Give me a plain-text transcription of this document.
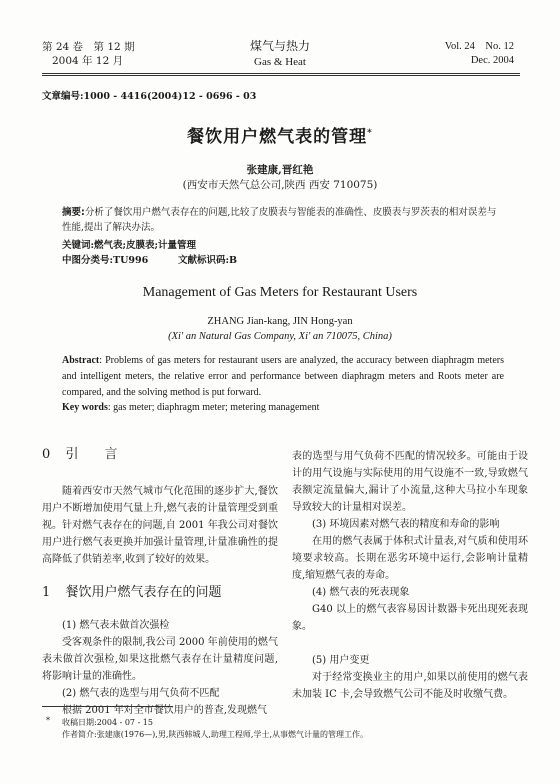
第 24 卷　第 12 期
2004 年 12 月
煤气与热力
Gas & Heat
Vol. 24　No. 12
Dec. 2004
文章编号:1000 - 4416(2004)12 - 0696 - 03
餐饮用户燃气表的管理*
张建康,晋红艳
(西安市天然气总公司,陕西 西安 710075)
摘要:分析了餐饮用户燃气表存在的问题,比较了皮膜表与智能表的准确性、皮膜表与罗茨表的相对误差与性能,提出了解决办法。
关键词:燃气表;皮膜表;计量管理
中图分类号:TU996	文献标识码:B
Management of Gas Meters for Restaurant Users
ZHANG Jian-kang, JIN Hong-yan
(Xi' an Natural Gas Company, Xi' an 710075, China)
Abstract: Problems of gas meters for restaurant users are analyzed, the accuracy between diaphragm meters and intelligent meters, the relative error and performance between diaphragm meters and Roots meter are compared, and the solving method is put forward.
Key words: gas meter; diaphragm meter; metering management
0 引　　言
随着西安市天然气城市气化范围的逐步扩大,餐饮用户不断增加使用气量上升,燃气表的计量管理受到重视。针对燃气表存在的问题,自 2001 年我公司对餐饮用户进行燃气表更换并加强计量管理,计量准确性的提高降低了供销差率,收到了较好的效果。
1 餐饮用户燃气表存在的问题
(1) 燃气表未做首次强检
受客观条件的限制,我公司 2000 年前使用的燃气表未做首次强检,如果这批燃气表存在计量精度问题,将影响计量的准确性。
(2) 燃气表的选型与用气负荷不匹配
根据 2001 年对全市餐饮用户的普查,发现燃气
表的选型与用气负荷不匹配的情况较多。可能由于设计的用气设施与实际使用的用气设施不一致,导致燃气表额定流量偏大,漏计了小流量,这种大马拉小车现象导致较大的计量相对误差。
(3) 环境因素对燃气表的精度和寿命的影响
在用的燃气表属于体积式计量表,对气质和使用环境要求较高。长期在恶劣环境中运行,会影响计量精度,缩短燃气表的寿命。
(4) 燃气表的死表现象
G40 以上的燃气表容易因计数器卡死出现死表现象。
(5) 用户变更
对于经常变换业主的用户,如果以前使用的燃气表未加装 IC 卡,会导致燃气公司不能及时收缴气费。
* 收稿日期:2004 - 07 - 15
作者简介:张建康(1976—),男,陕西韩城人,助理工程师,学士,从事燃气计量的管理工作。
